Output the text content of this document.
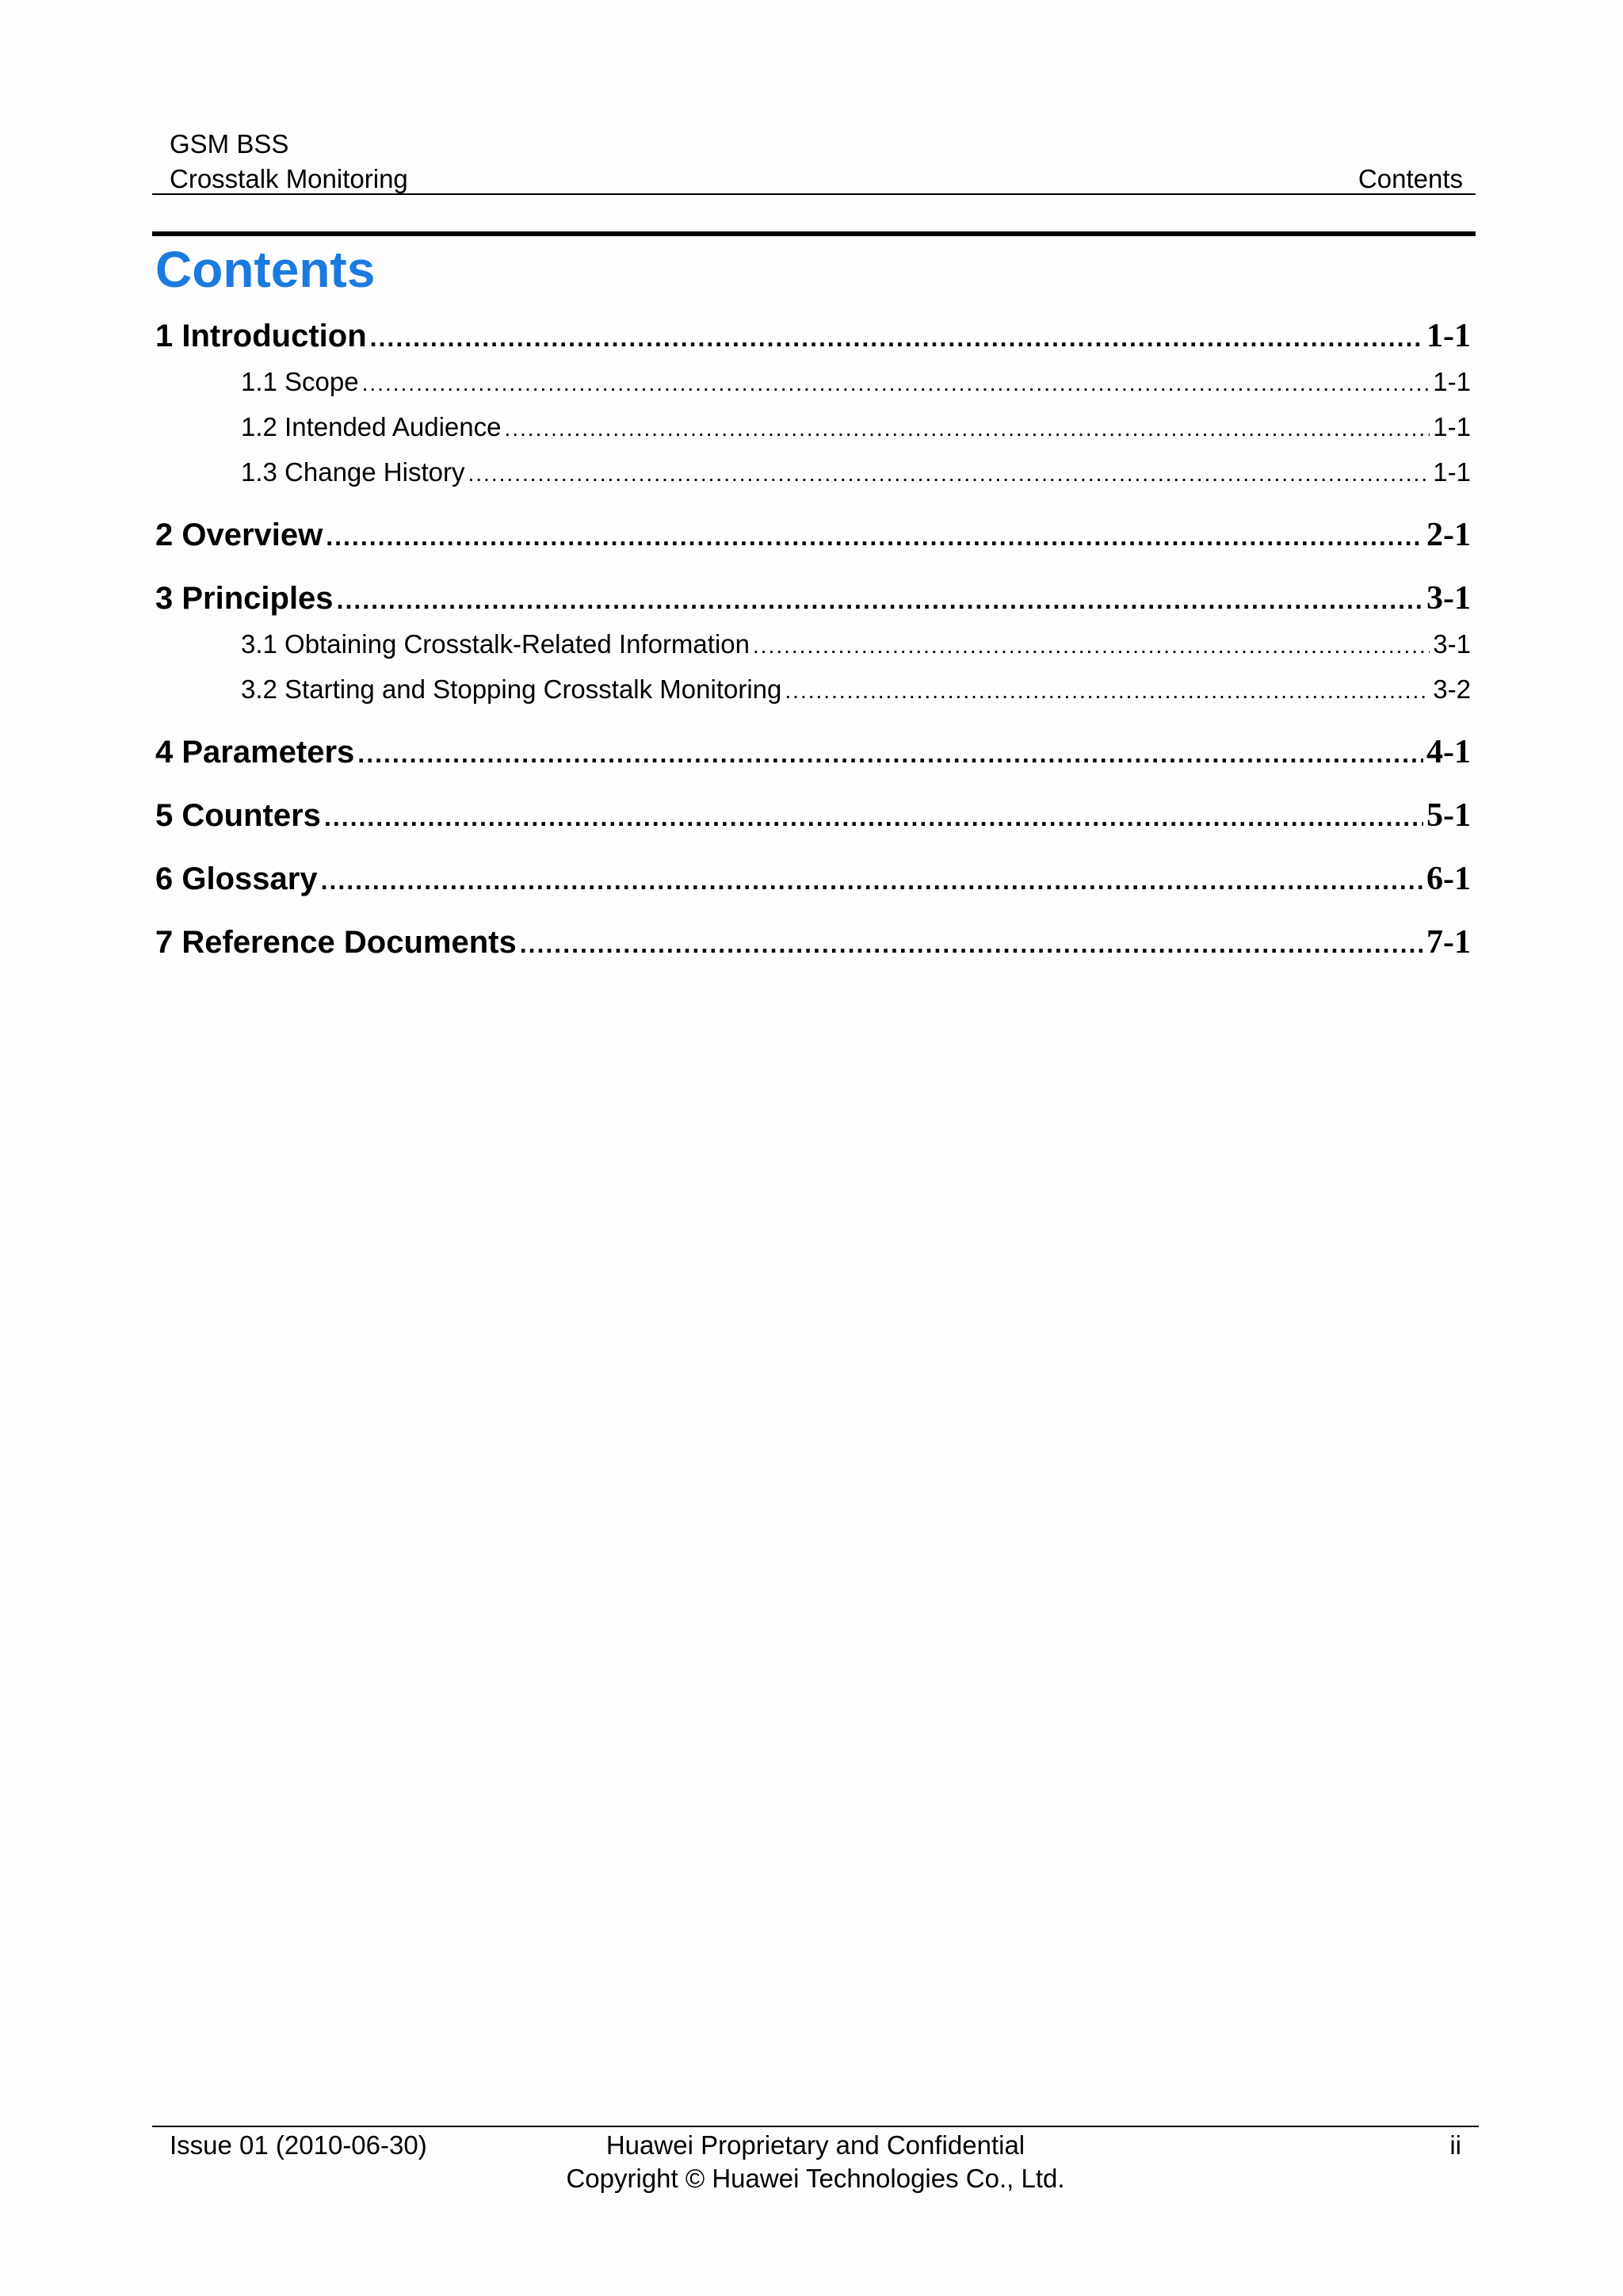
GSM BSS
Crosstalk Monitoring	Contents
Contents
1 Introduction .....	1-1
1.1 Scope .....	1-1
1.2 Intended Audience .....	1-1
1.3 Change History .....	1-1
2 Overview .....	2-1
3 Principles .....	3-1
3.1 Obtaining Crosstalk-Related Information .....	3-1
3.2 Starting and Stopping Crosstalk Monitoring .....	3-2
4 Parameters .....	4-1
5 Counters .....	5-1
6 Glossary .....	6-1
7 Reference Documents .....	7-1
Issue 01 (2010-06-30)	Huawei Proprietary and Confidential
Copyright © Huawei Technologies Co., Ltd.
ii
